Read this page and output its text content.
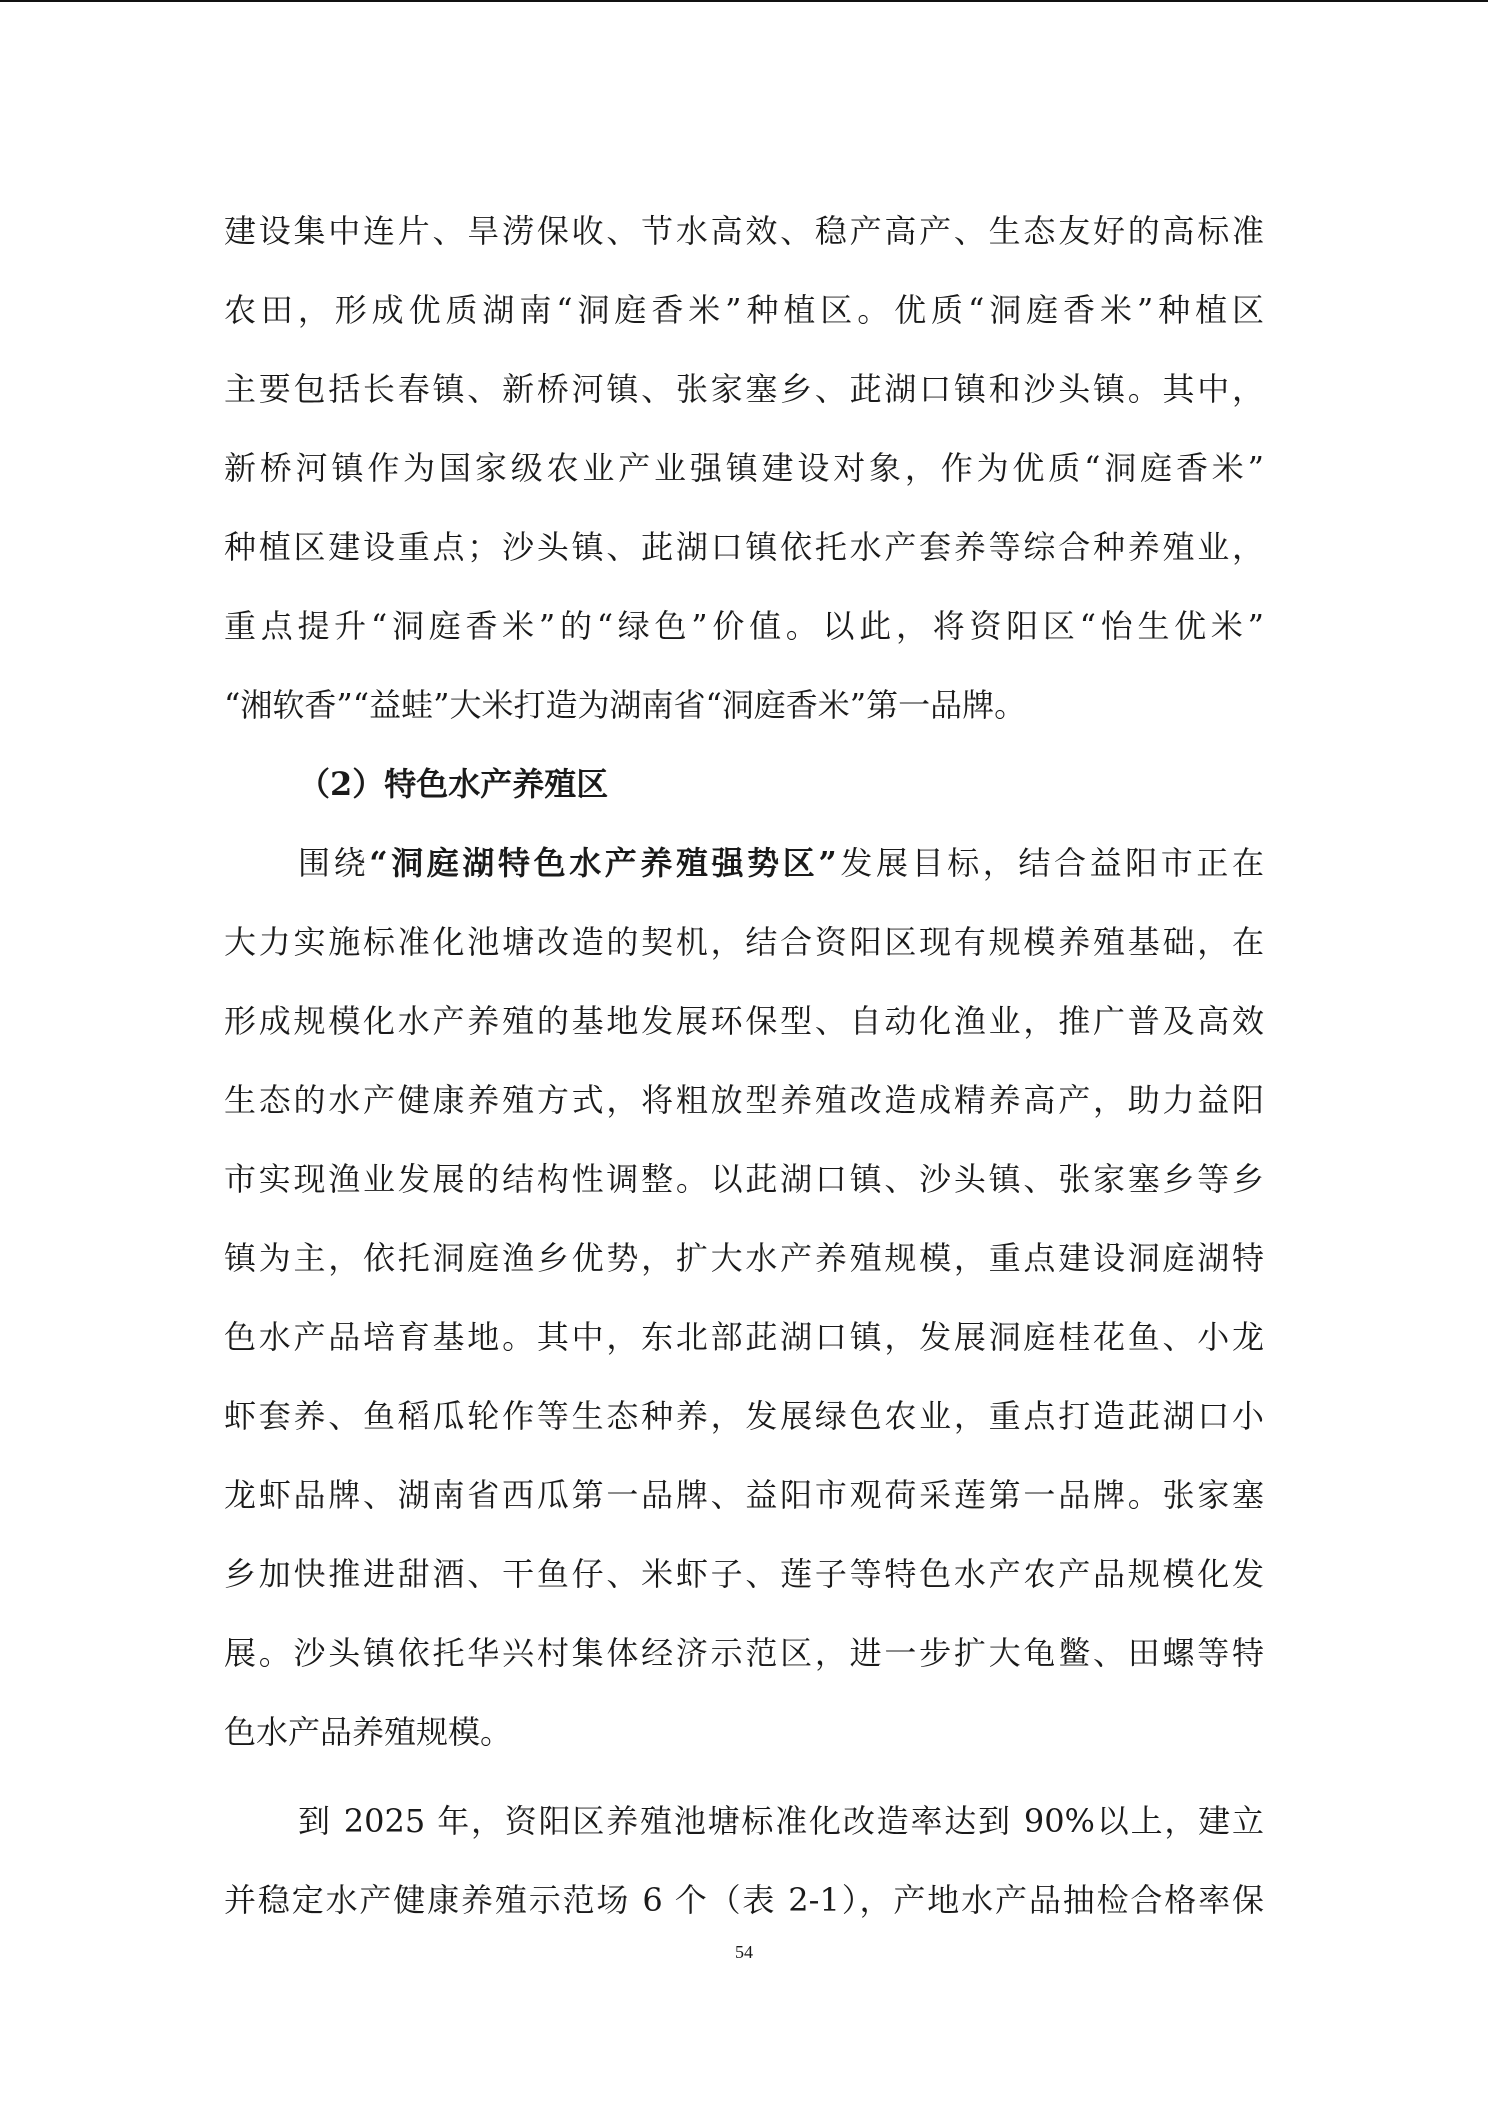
建设集中连片、旱涝保收、节水高效、稳产高产、生态友好的高标准
农田，形成优质湖南“洞庭香米”种植区。优质“洞庭香米”种植区
主要包括长春镇、新桥河镇、张家塞乡、茈湖口镇和沙头镇。其中，
新桥河镇作为国家级农业产业强镇建设对象，作为优质“洞庭香米”
种植区建设重点；沙头镇、茈湖口镇依托水产套养等综合种养殖业，
重点提升“洞庭香米”的“绿色”价值。以此，将资阳区“怡生优米”
“湘软香”“益蛙”大米打造为湖南省“洞庭香米”第一品牌。
（2）特色水产养殖区
围绕“洞庭湖特色水产养殖强势区”发展目标，结合益阳市正在
大力实施标准化池塘改造的契机，结合资阳区现有规模养殖基础，在
形成规模化水产养殖的基地发展环保型、自动化渔业，推广普及高效
生态的水产健康养殖方式，将粗放型养殖改造成精养高产，助力益阳
市实现渔业发展的结构性调整。以茈湖口镇、沙头镇、张家塞乡等乡
镇为主，依托洞庭渔乡优势，扩大水产养殖规模，重点建设洞庭湖特
色水产品培育基地。其中，东北部茈湖口镇，发展洞庭桂花鱼、小龙
虾套养、鱼稻瓜轮作等生态种养，发展绿色农业，重点打造茈湖口小
龙虾品牌、湖南省西瓜第一品牌、益阳市观荷采莲第一品牌。张家塞
乡加快推进甜酒、干鱼仔、米虾子、莲子等特色水产农产品规模化发
展。沙头镇依托华兴村集体经济示范区，进一步扩大龟鳖、田螺等特
色水产品养殖规模。
到 2025 年，资阳区养殖池塘标准化改造率达到 90%以上，建立
并稳定水产健康养殖示范场 6 个（表 2-1），产地水产品抽检合格率保
54
